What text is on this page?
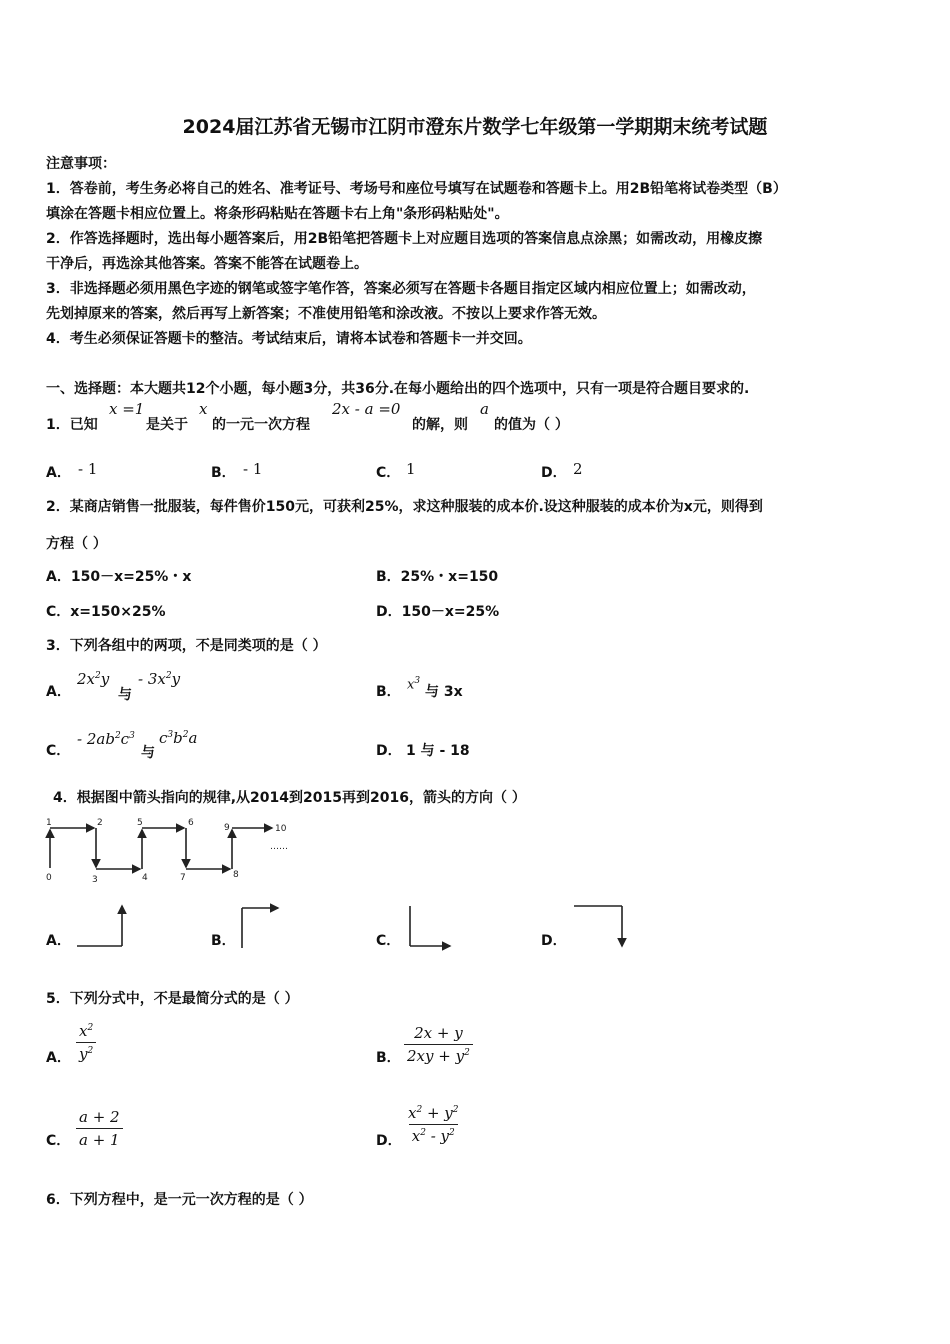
2024届江苏省无锡市江阴市澄东片数学七年级第一学期期末统考试题
注意事项：
1．答卷前，考生务必将自己的姓名、准考证号、考场号和座位号填写在试题卷和答题卡上。用2B铅笔将试卷类型（B）
填涂在答题卡相应位置上。将条形码粘贴在答题卡右上角"条形码粘贴处"。
2．作答选择题时，选出每小题答案后，用2B铅笔把答题卡上对应题目选项的答案信息点涂黑；如需改动，用橡皮擦
干净后，再选涂其他答案。答案不能答在试题卷上。
3．非选择题必须用黑色字迹的钢笔或签字笔作答，答案必须写在答题卡各题目指定区域内相应位置上；如需改动，
先划掉原来的答案，然后再写上新答案；不准使用铅笔和涂改液。不按以上要求作答无效。
4．考生必须保证答题卡的整洁。考试结束后，请将本试卷和答题卡一并交回。
一、选择题：本大题共12个小题，每小题3分，共36分.在每小题给出的四个选项中，只有一项是符合题目要求的.
1．已知
x =1
是关于
x
的一元一次方程
2x - a =0
的解，则
a
的值为（ ）
A． - 1	B． - 1	C． 1	D． 2
2．某商店销售一批服装，每件售价150元，可获利25%，求这种服装的成本价.设这种服装的成本价为x元，则得到
方程（ ）
A．150－x=25%・x	B．25%・x=150
C．x=150×25%	D．150－x=25%
3．下列各组中的两项，不是同类项的是（ ）
A．
$2x^2y$
与
- $3x^2y$
B． $x^3$
与 3x
C．
- $2ab^2c^3$
与
$c^3b^2a$
D． 1 与 - 18
4．根据图中箭头指向的规律,从2014到2015再到2016，箭头的方向（ ）
0
1	2
3	4
5	6
7	8
9	10
……
A．	B．	C．	D．
5．下列分式中，不是最简分式的是（ ）
A． $\frac{x^2}{y^2}$	B． $\frac{2x + y}{2xy + y^2}$
C． $\frac{a + 2}{a + 1}$	D． $\frac{x^2 + y^2}{x^2 - y^2}$
6．下列方程中，是一元一次方程的是（ ）
